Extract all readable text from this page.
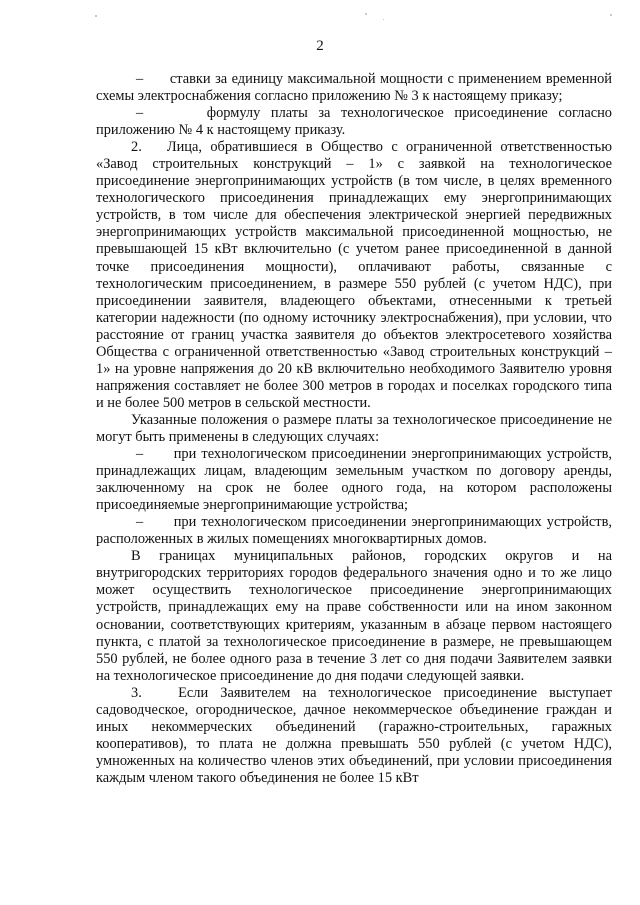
2

–      ставки за единицу максимальной мощности с применением временной схемы электроснабжения согласно приложению № 3 к настоящему приказу;

–      формулу платы за технологическое присоединение согласно приложению № 4 к настоящему приказу.

2.   Лица, обратившиеся в Общество с ограниченной ответственностью «Завод строительных конструкций – 1» с заявкой на технологическое присоединение энергопринимающих устройств (в том числе, в целях временного технологического присоединения принадлежащих ему энергопринимающих устройств, в том числе для обеспечения электрической энергией передвижных энергопринимающих устройств максимальной присоединенной мощностью, не превышающей 15 кВт включительно (с учетом ранее присоединенной в данной точке присоединения мощности), оплачивают работы, связанные с технологическим присоединением, в размере 550 рублей (с учетом НДС), при присоединении заявителя, владеющего объектами, отнесенными к третьей категории надежности (по одному источнику электроснабжения), при условии, что расстояние от границ участка заявителя до объектов электросетевого хозяйства Общества с ограниченной ответственностью «Завод строительных конструкций – 1» на уровне напряжения до 20 кВ включительно необходимого Заявителю уровня напряжения составляет не более 300 метров в городах и поселках городского типа и не более 500 метров в сельской местности.

Указанные положения о размере платы за технологическое присоединение не могут быть применены в следующих случаях:

–      при технологическом присоединении энергопринимающих устройств, принадлежащих лицам, владеющим земельным участком по договору аренды, заключенному на срок не более одного года, на котором расположены присоединяемые энергопринимающие устройства;

–      при технологическом присоединении энергопринимающих устройств, расположенных в жилых помещениях многоквартирных домов.

В границах муниципальных районов, городских округов и на внутригородских территориях городов федерального значения одно и то же лицо может осуществить технологическое присоединение энергопринимающих устройств, принадлежащих ему на праве собственности или на ином законном основании, соответствующих критериям, указанным в абзаце первом настоящего пункта, с платой за технологическое присоединение в размере, не превышающем 550 рублей, не более одного раза в течение 3 лет со дня подачи Заявителем заявки на технологическое присоединение до дня подачи следующей заявки.

3.   Если Заявителем на технологическое присоединение выступает садоводческое, огородническое, дачное некоммерческое объединение граждан и иных некоммерческих объединений (гаражно-строительных, гаражных кооперативов), то плата не должна превышать 550 рублей (с учетом НДС), умноженных на количество членов этих объединений, при условии присоединения каждым членом такого объединения не более 15 кВт
